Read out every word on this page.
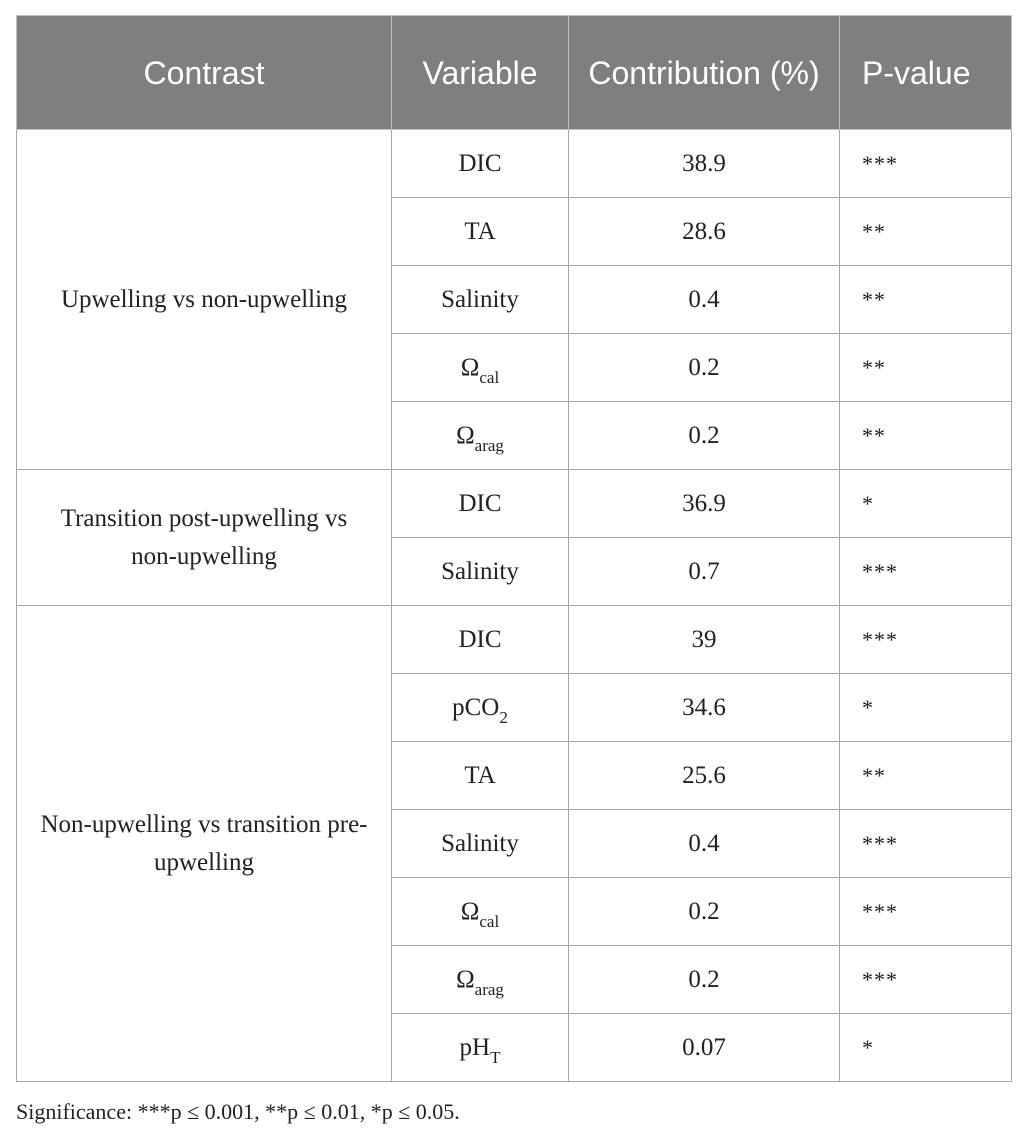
Contrast	Variable	Contribution (%)	P-value
Upwelling vs non-upwelling	DIC	38.9	***
	TA	28.6	**
	Salinity	0.4	**
	$\Omega_{cal}$	0.2	**
	$\Omega_{arag}$	0.2	**
Transition post-upwelling vs non-upwelling	DIC	36.9	*
	Salinity	0.7	***
Non-upwelling vs transition pre-upwelling	DIC	39	***
	pCO$_2$	34.6	*
	TA	25.6	**
	Salinity	0.4	***
	$\Omega_{cal}$	0.2	***
	$\Omega_{arag}$	0.2	***
	$pH_T$	0.07	*
Significance: ***p ≤ 0.001, **p ≤ 0.01, *p ≤ 0.05.
